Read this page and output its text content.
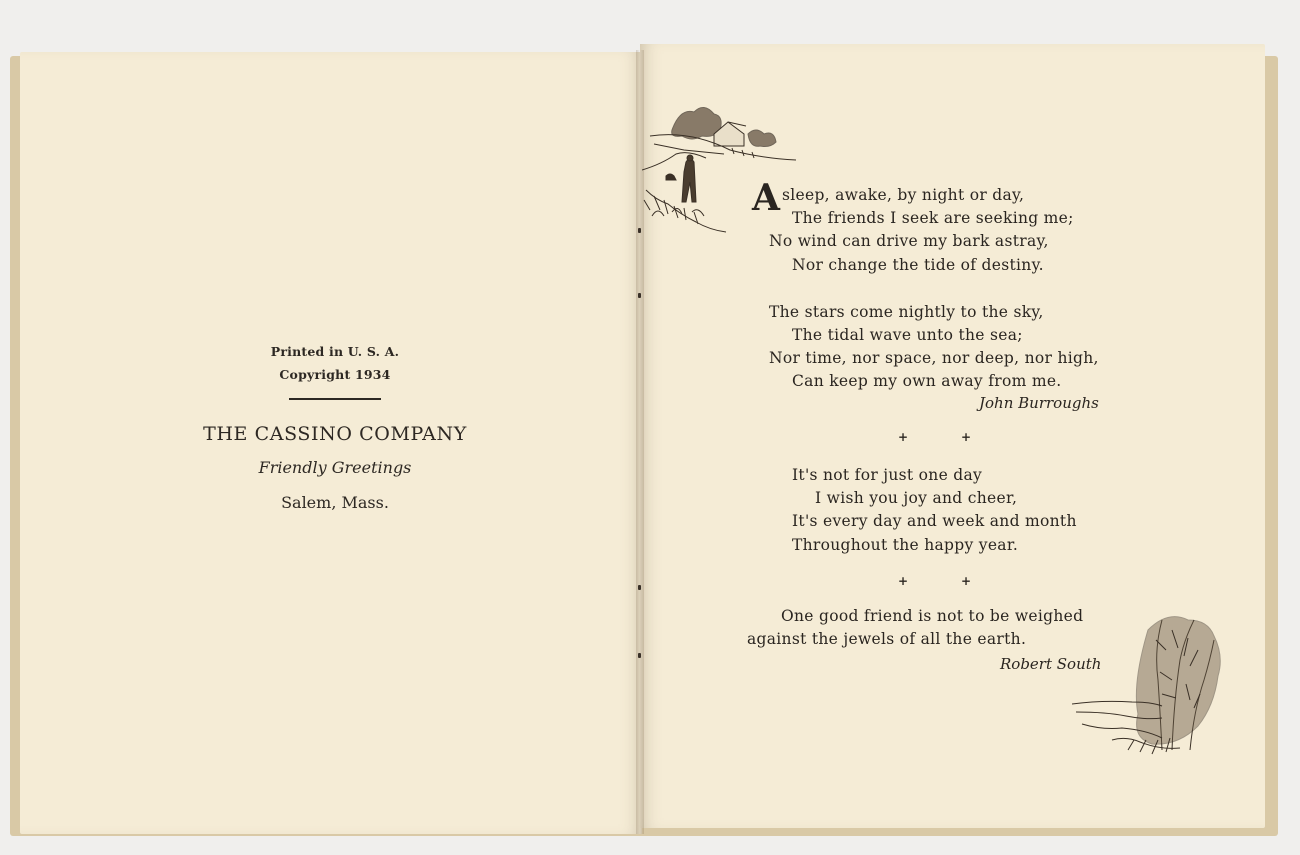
Printed in U. S. A.
Copyright 1934
THE CASSINO COMPANY
Friendly Greetings
Salem, Mass.
A sleep, awake, by night or day,
The friends I seek are seeking me;
No wind can drive my bark astray,
Nor change the tide of destiny.
The stars come nightly to the sky,
The tidal wave unto the sea;
Nor time, nor space, nor deep, nor high,
Can keep my own away from me.
John Burroughs
+	+
It's not for just one day
I wish you joy and cheer,
It's every day and week and month
Throughout the happy year.
+	+
One good friend is not to be weighed
against the jewels of all the earth.
Robert South
